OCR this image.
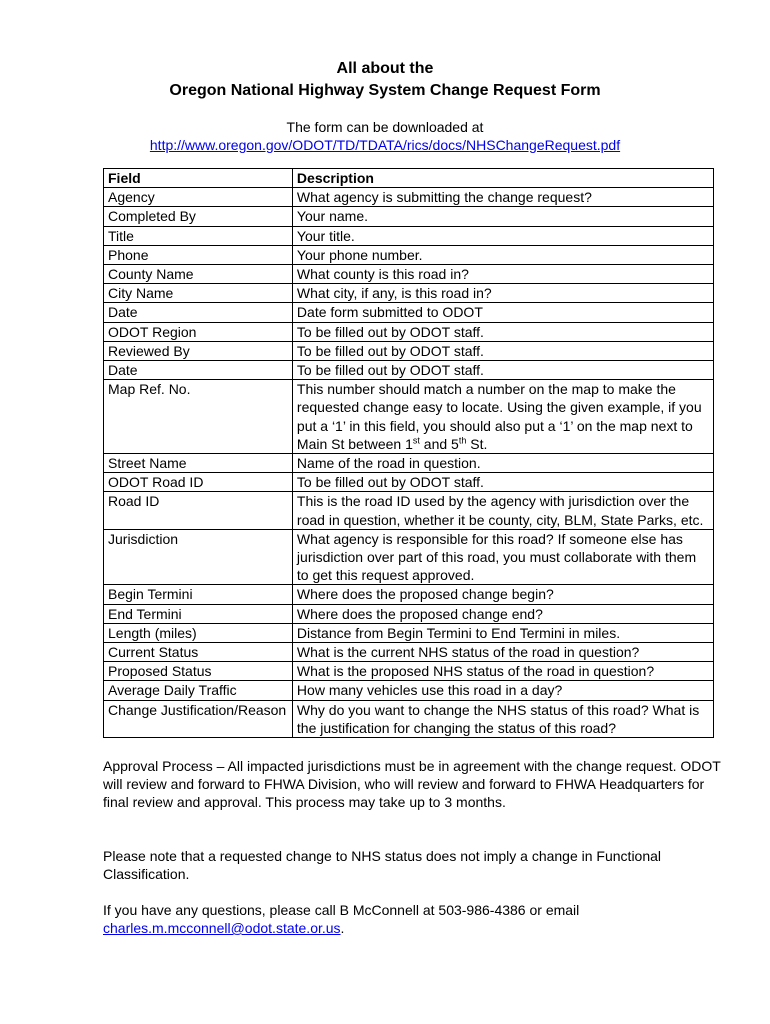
All about the
Oregon National Highway System Change Request Form
The form can be downloaded at
http://www.oregon.gov/ODOT/TD/TDATA/rics/docs/NHSChangeRequest.pdf
Field	Description
Agency	What agency is submitting the change request?
Completed By	Your name.
Title	Your title.
Phone	Your phone number.
County Name	What county is this road in?
City Name	What city, if any, is this road in?
Date	Date form submitted to ODOT
ODOT Region	To be filled out by ODOT staff.
Reviewed By	To be filled out by ODOT staff.
Date	To be filled out by ODOT staff.
Map Ref. No.	This number should match a number on the map to make the requested change easy to locate. Using the given example, if you put a ‘1’ in this field, you should also put a ‘1’ on the map next to Main St between 1st and 5th St.
Street Name	Name of the road in question.
ODOT Road ID	To be filled out by ODOT staff.
Road ID	This is the road ID used by the agency with jurisdiction over the road in question, whether it be county, city, BLM, State Parks, etc.
Jurisdiction	What agency is responsible for this road? If someone else has jurisdiction over part of this road, you must collaborate with them to get this request approved.
Begin Termini	Where does the proposed change begin?
End Termini	Where does the proposed change end?
Length (miles)	Distance from Begin Termini to End Termini in miles.
Current Status	What is the current NHS status of the road in question?
Proposed Status	What is the proposed NHS status of the road in question?
Average Daily Traffic	How many vehicles use this road in a day?
Change Justification/Reason	Why do you want to change the NHS status of this road? What is the justification for changing the status of this road?
Approval Process – All impacted jurisdictions must be in agreement with the change request. ODOT will review and forward to FHWA Division, who will review and forward to FHWA Headquarters for final review and approval. This process may take up to 3 months.
Please note that a requested change to NHS status does not imply a change in Functional Classification.
If you have any questions, please call B McConnell at 503-986-4386 or email
charles.m.mcconnell@odot.state.or.us.
